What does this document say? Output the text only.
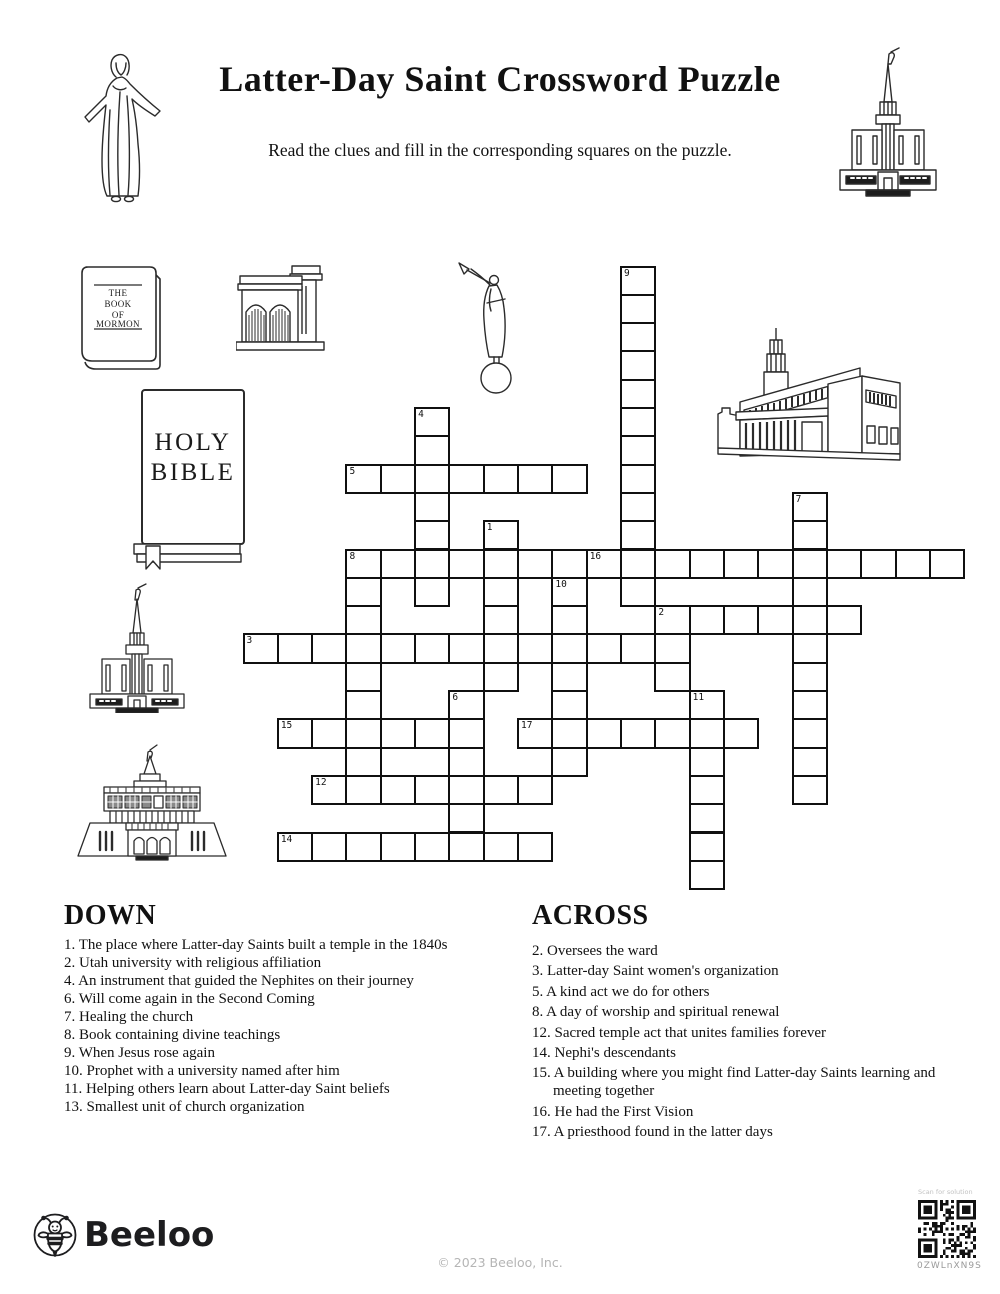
Latter-Day Saint Crossword Puzzle
Read the clues and fill in the corresponding squares on the puzzle.
THE
BOOK
OF
MORMON
HOLY
BIBLE
2
3
5
8
12
14
15
16
17
1
4
6
7
9
10
11
DOWN
1. The place where Latter-day Saints built a temple in the 1840s
2. Utah university with religious affiliation
4. An instrument that guided the Nephites on their journey
6. Will come again in the Second Coming
7. Healing the church
8. Book containing divine teachings
9. When Jesus rose again
10. Prophet with a university named after him
11. Helping others learn about Latter-day Saint beliefs
13. Smallest unit of church organization
ACROSS
2. Oversees the ward
3. Latter-day Saint women's organization
5. A kind act we do for others
8. A day of worship and spiritual renewal
12. Sacred temple act that unites families forever
14. Nephi's descendants
15. A building where you might find Latter-day Saints learning and meeting together
16. He had the First Vision
17. A priesthood found in the latter days
Beeloo
© 2023 Beeloo, Inc.
Scan for solution
0ZWLnXN9S
